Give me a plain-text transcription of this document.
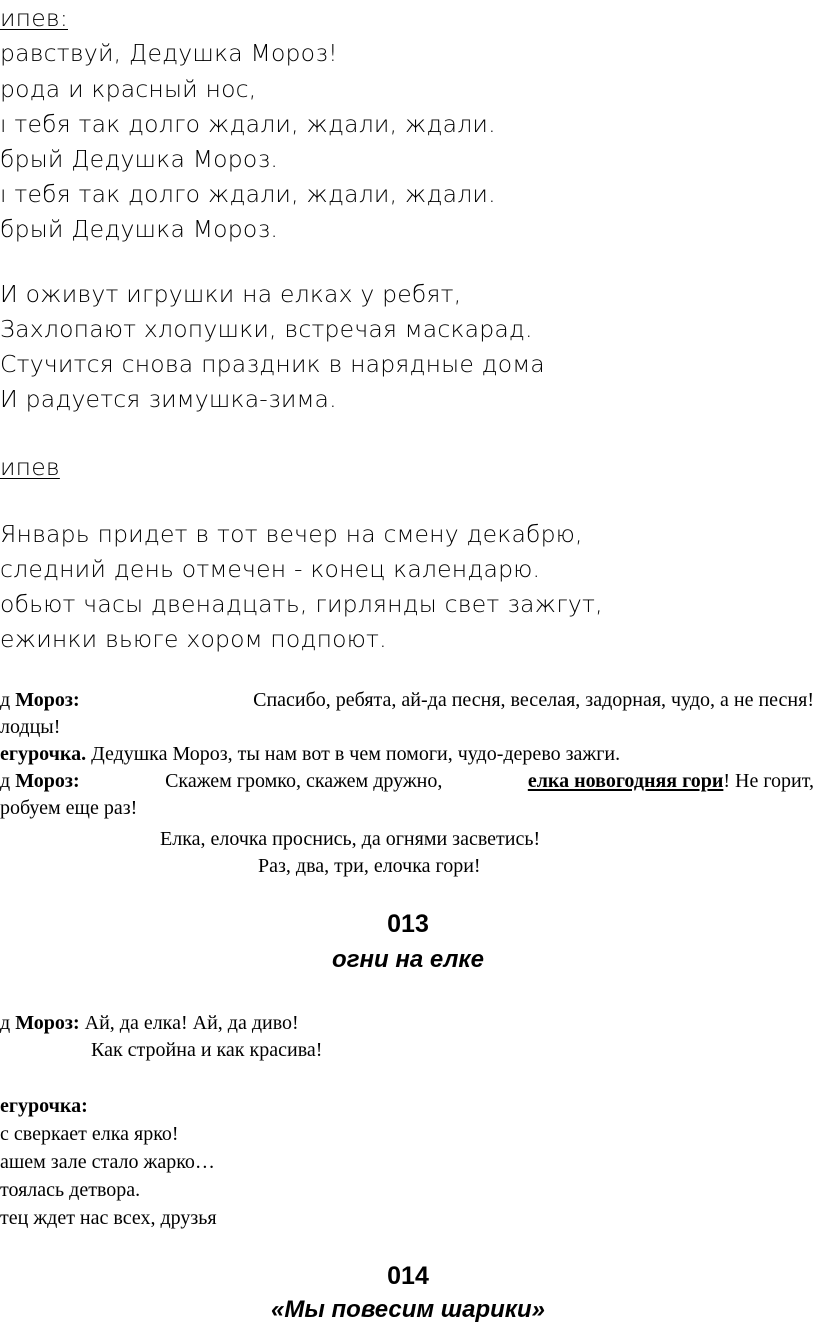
ипев:

равствуй, Дедушка Мороз!

рода и красный нос,

ı тебя так долго ждали, ждали, ждали.

брый Дедушка Мороз.

ı тебя так долго ждали, ждали, ждали.

брый Дедушка Мороз.

И оживут игрушки на елках у ребят,

Захлопают хлопушки, встречая маскарад.

Стучится снова праздник в нарядные дома

И радуется зимушка-зима.

ипев

Январь придет в тот вечер на смену декабрю,

следний день отмечен - конец календарю.

обьют часы двенадцать, гирлянды свет зажгут,

ежинки вьюге хором подпоют.

д Мороз:	Спасибо, ребята, ай-да песня, веселая, задорная, чудо, а не песня!

лодцы!

егурочка. Дедушка Мороз, ты нам вот в чем помоги, чудо-дерево зажги.

д Мороз:	Скажем громко, скажем дружно,	елка новогодняя гори! Не горит,

робуем еще раз!

Елка, елочка проснись, да огнями засветись!

Раз, два, три, елочка гори!

013

огни на елке

д Мороз: Ай, да елка! Ай, да диво!

Как стройна и как красива!

егурочка:

с сверкает елка ярко!

ашем зале стало жарко…

тоялась детвора.

тец ждет нас всех, друзья

014

«Мы повесим шарики»
